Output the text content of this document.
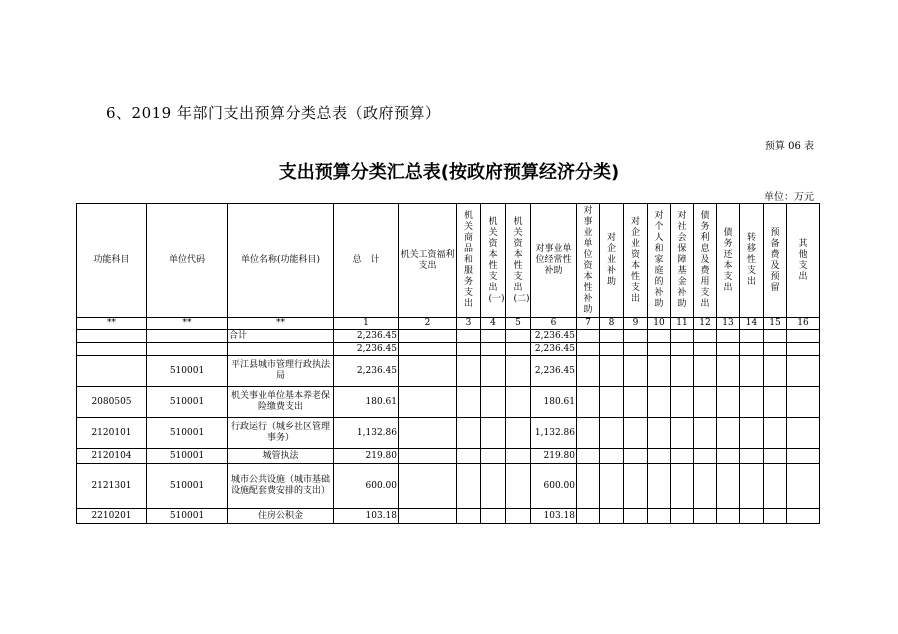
6、2019 年部门支出预算分类总表（政府预算）
预算 06 表
支出预算分类汇总表(按政府预算经济分类)
单位：万元
功能科目	单位代码	单位名称(功能科目)	总　计	机关工资福利支出	机关商品和服务支出	机关资本性支出(一)	机关资本性支出(二)	对事业单位经常性补助	对事业单位资本性补助	对企业补助	对企业资本性支出	对个人和家庭的补助	对社会保障基金补助	债务利息及费用支出	债务还本支出	转移性支出	预备费及预留	其他支出

**	**	**	1	2	3	4	5	6	7	8	9	10	11	12	13	14	15	16
		合计	2,236.45					2,236.45										
			2,236.45					2,236.45										
	510001	平江县城市管理行政执法局	2,236.45					2,236.45										
2080505	510001	机关事业单位基本养老保险缴费支出	180.61					180.61										
2120101	510001	行政运行（城乡社区管理事务）	1,132.86					1,132.86										
2120104	510001	城管执法	219.80					219.80										
2121301	510001	城市公共设施（城市基础设施配套费安排的支出）	600.00					600.00										
2210201	510001	住房公积金	103.18					103.18										
